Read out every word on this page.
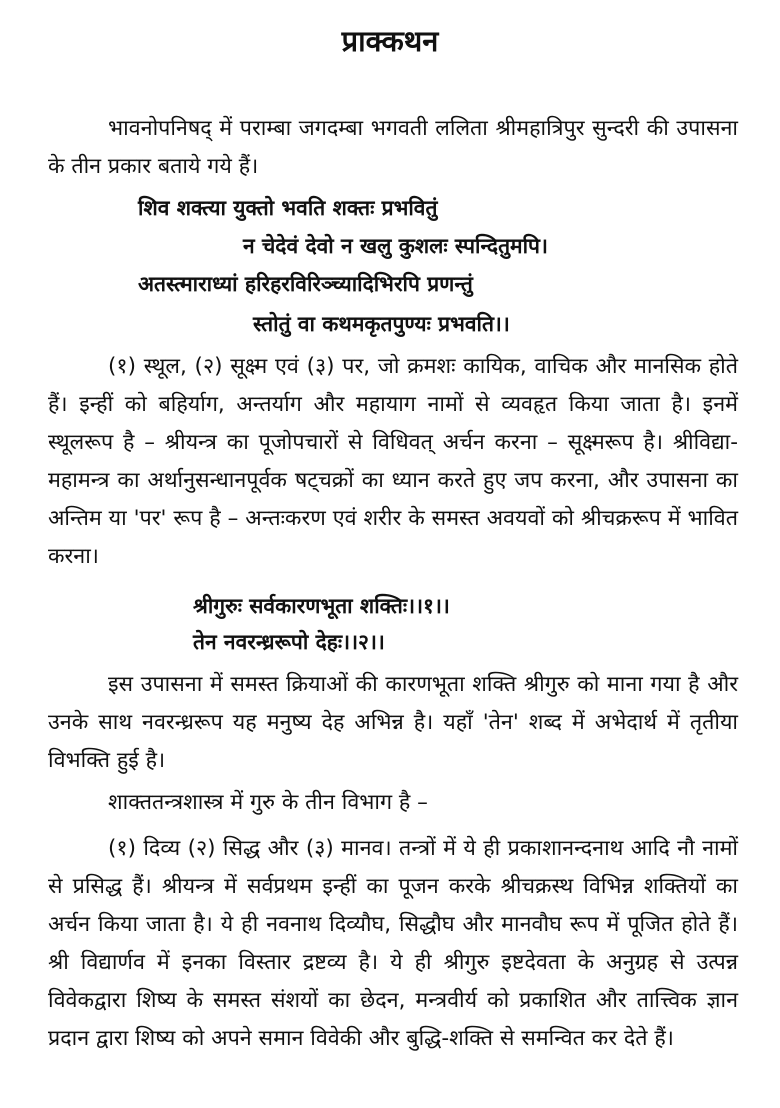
प्राक्कथन

भावनोपनिषद् में पराम्बा जगदम्बा भगवती ललिता श्रीमहात्रिपुर सुन्दरी की उपासना के तीन प्रकार बताये गये हैं।

शिव शक्त्या युक्तो भवति शक्तः प्रभवितुं

न चेदेवं देवो न खलु कुशलः स्पन्दितुमपि।

अतस्त्माराध्यां हरिहरविरिञ्च्यादिभिरपि प्रणन्तुं

स्तोतुं वा कथमकृतपुण्यः प्रभवति।।

(१) स्थूल, (२) सूक्ष्म एवं (३) पर, जो क्रमशः कायिक, वाचिक और मानसिक होते हैं। इन्हीं को बहिर्याग, अन्तर्याग और महायाग नामों से व्यवहृत किया जाता है। इनमें स्थूलरूप है – श्रीयन्त्र का पूजोपचारों से विधिवत् अर्चन करना – सूक्ष्मरूप है। श्रीविद्या-महामन्त्र का अर्थानुसन्धानपूर्वक षट्चक्रों का ध्यान करते हुए जप करना, और उपासना का अन्तिम या 'पर' रूप है – अन्तःकरण एवं शरीर के समस्त अवयवों को श्रीचक्ररूप में भावित करना।

श्रीगुरुः सर्वकारणभूता शक्तिः।।१।।

तेन नवरन्ध्ररूपो देहः।।२।।

इस उपासना में समस्त क्रियाओं की कारणभूता शक्ति श्रीगुरु को माना गया है और उनके साथ नवरन्ध्ररूप यह मनुष्य देह अभिन्न है। यहाँ 'तेन' शब्द में अभेदार्थ में तृतीया विभक्ति हुई है।

शाक्ततन्त्रशास्त्र में गुरु के तीन विभाग है –

(१) दिव्य (२) सिद्ध और (३) मानव। तन्त्रों में ये ही प्रकाशानन्दनाथ आदि नौ नामों से प्रसिद्ध हैं। श्रीयन्त्र में सर्वप्रथम इन्हीं का पूजन करके श्रीचक्रस्थ विभिन्न शक्तियों का अर्चन किया जाता है। ये ही नवनाथ दिव्यौघ, सिद्धौघ और मानवौघ रूप में पूजित होते हैं। श्री विद्यार्णव में इनका विस्तार द्रष्टव्य है। ये ही श्रीगुरु इष्टदेवता के अनुग्रह से उत्पन्न विवेकद्वारा शिष्य के समस्त संशयों का छेदन, मन्त्रवीर्य को प्रकाशित और तात्त्विक ज्ञान प्रदान द्वारा शिष्य को अपने समान विवेकी और बुद्धि-शक्ति से समन्वित कर देते हैं।
